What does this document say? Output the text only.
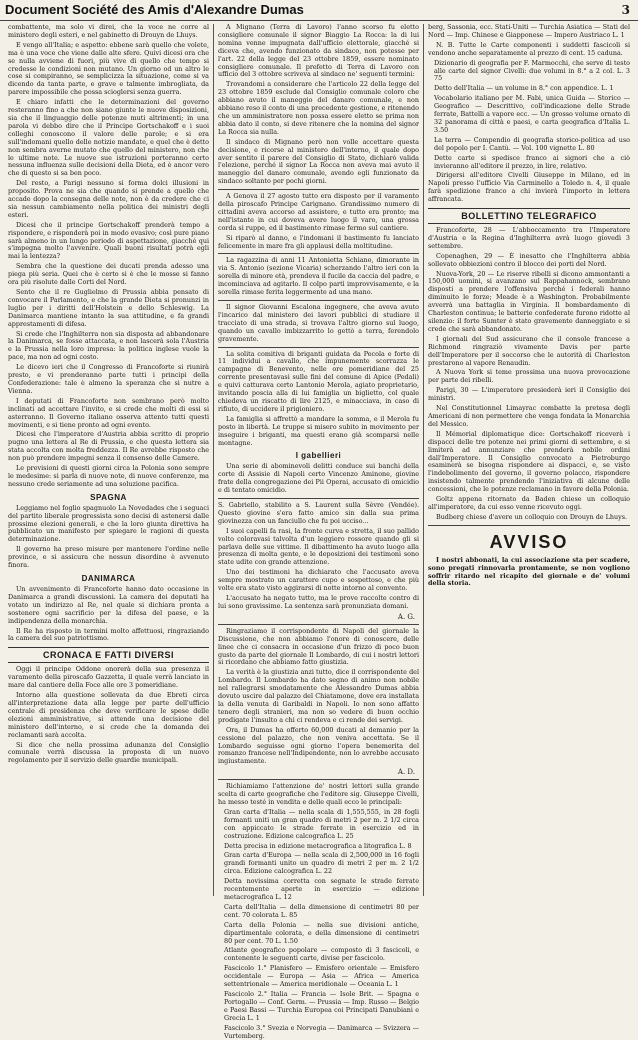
Document Société des Amis d'Alexandre Dumas	3

combattente, ma solo vi direi, che la voce ne corre al ministero degli esteri, e nel gabinetto di Drouyn de Lhuys.

E vengo all'Italia; e aspetto: ebbene sarà quello che volete, ma è una voce che viene dalle alte sfere. Quivi dicesi ora che se nulla avviene di fuori, più vive di quello che tempo si credesse le condizioni non mutano. Un giorno od un altro le cose si compiranno, se semplicizza la situazione, come si va dicendo da tanta parte, e grave e talmente imbrogliata, da parere impossibile che possa scioglersi senza guerra.

E chiaro infatti che le determinazioni del governo resteranno fino a che non siano giunte le nuove disposizioni, sia che il linguaggio delle potenze muti altrimenti; in una parola vi debbo dire che il Principe Gortschakoff e i suoi colleghi conoscono il valore delle parole; e si era sull'indomani quello delle notizie mandate, e quel che è detto non sembra averne mutato che quello del ministero, non che le ultime note. Le nuove sue istruzioni porteranno certo nessuna influenza sulle decisioni della Dieta, ed è ancor vero che di questo si sa ben poco.

Del resto, a Parigi nessuno si forma dolci illusioni in proposito. Prova ne sia che quando si prende a quello che accade dopo la consegna delle note, non è da credere che ci sia nessun cambiamento nella politica dei ministri degli esteri.

Dicesi che il principe Gortschakoff prenderà tempo a rispondere, e risponderà poi in modo evasivo; così pure piano sarà almeno in un lungo periodo di aspettazione, giacché qui s'impegna molto l'avvenire. Quali buoni risultati potrà egli mai la lentezza?

Sembra che la questione dei ducati prenda adesso una piega più seria. Quei che è certo si è che le mosse si fanno ora più risolute dalle Corti del Nord.

Sento che il re Guglielmo di Prussia abbia pensato di convocare il Parlamento, e che la grande Dieta si pronunzi in luglio per i diritti dell'Holstein e dello Schleswig. La Danimarca mantiene intanto la sua attitudine, e fa grandi apprestamenti di difesa.

Si crede che l'Inghilterra non sia disposta ad abbandonare la Danimarca, se fosse attaccata, e non lascerà sola l'Austria e la Prussia nella loro impresa: la politica inglese vuole la pace, ma non ad ogni costo.

Le dicevo ieri che il Congresso di Francoforte si riunirà presto, e vi prenderanno parte tutti i principi della Confederazione: tale è almeno la speranza che si nutre a Vienna.

I deputati di Francoforte non sembrano però molto inclinati ad accettare l'invito, e si crede che molti di essi si asterranno. Il Governo italiano osserva attento tutti questi movimenti, e si tiene pronto ad ogni evento.

Dicesi che l'imperatore d'Austria abbia scritto di proprio pugno una lettera al Re di Prussia, e che questa lettera sia stata accolta con molta freddezza. Il Re avrebbe risposto che non può prendere impegni senza il consenso delle Camere.

Le previsioni di questi giorni circa la Polonia sono sempre le medesime: si parla di nuove note, di nuove conferenze, ma nessuno crede seriamente ad una soluzione pacifica.

SPAGNA

Leggiamo nel foglio spagnuolo La Novedades che i seguaci del partito liberale progressista sono decisi di astenersi dalle prossime elezioni generali, e che la loro giunta direttiva ha pubblicato un manifesto per spiegare le ragioni di questa determinazione.

Il governo ha preso misure per mantenere l'ordine nelle province, e si assicura che nessun disordine è avvenuto finora.

DANIMARCA

Un avvenimento di Francoforte hanno dato occasione in Danimarca a grandi discussioni. La camera dei deputati ha votato un indirizzo al Re, nel quale si dichiara pronta a sostenere ogni sacrificio per la difesa del paese, e la indipendenza della monarchia.

Il Re ha risposto in termini molto affettuosi, ringraziando la camera del suo patriottismo.

CRONACA E FATTI DIVERSI

Oggi il principe Oddone onorerà della sua presenza il varamento della piroscafo Gazzetta, il quale verrà lanciato in mare dal cantiere della Foce alle ore 3 pomeridiane.

Intorno alla questione sollevata da due Ebreti circa all'interpretazione data alla legge per parte dell'ufficio centrale di presidenza che deve verificare le spese delle elezioni amministrative, si attende una decisione del ministero dell'interno, e si crede che la domanda dei reclamanti sarà accolta.

Si dice che nella prossima adunanza del Consiglio comunale verrà discussa la proposta di un nuovo regolamento per il servizio delle guardie municipali.

A Mignano (Terra di Lavoro) l'anno scorso fu eletto consigliere comunale il signor Biaggio La Rocca: la di lui nomina venne impugnata dall'ufficio elettorale, giacché si diceva che, avendo funzionato da sindaco, non potesse per l'art. 22 della legge del 23 ottobre 1859, essere nominato consigliere comunale. Il prefetto di Terra di Lavoro con ufficio del 3 ottobre scriveva al sindaco ne' seguenti termini:

Trovandomi a considerare che l'articolo 22 della legge del 23 ottobre 1859 esclude dal Consiglio comunale coloro che abbiano avuto il maneggio del danaro comunale, e non abbiano reso il conto di una precedente gestione, e ritenendo che un amministratore non possa essere eletto se prima non abbia dato il conto, si deve ritenere che la nomina del signor La Rocca sia nulla.

Il sindaco di Mignano però non volle accettare questa decisione, e ricorse al ministero dell'interno, il quale dopo aver sentito il parere del Consiglio di Stato, dichiarò valida l'elezione, perché il signor La Rocca non aveva mai avuto il maneggio del danaro comunale, avendo egli funzionato da sindaco soltanto per pochi giorni.

A Genova il 27 agosto tutto era disposto per il varamento della piroscafo Principe Carignano. Grandissimo numero di cittadini aveva accorso ad assistere, e tutto era pronto; ma nell'istante in cui doveva avere luogo il varo, una grossa corda si ruppe, ed il bastimento rimase fermo sul cantiere.

Si riparò al danno, e l'indomani il bastimento fu lanciato felicemente in mare fra gli applausi della moltitudine.

La ragazzina di anni 11 Antonietta Schiano, dimorante in via S. Antonio (sezione Vicaria) scherzando l'altro ieri con la sorella di minore età, prendeva il fucile da caccia del padre, e incominciava ad agitarlo. Il colpo partì improvvisamente, e la sorella rimase ferita leggermente ad una mano.

Il signor Giovanni Escalona ingegnere, che aveva avuto l'incarico dal ministero dei lavori pubblici di studiare il tracciato di una strada, si trovava l'altro giorno sul luogo, quando un cavallo imbizzarrito lo gettò a terra, ferendolo gravemente.

La solita comitiva di briganti guidata da Pecola e forte di 11 individui a cavallo, che impunemente scorrazza le campagne di Benevento, nelle ore pomeridiane del 25 corrente presentavasi sulle fini del comune di Apice (Pedali) e quivi catturava certo Lantonio Merola, agiato proprietario, invitando poscia alla di lui famiglia un biglietto, col quale chiedeva un riscatto di lire 2125, e minacciava, in caso di rifiuto, di uccidere il prigioniero.

La famiglia si affrettò a mandare la somma, e il Merola fu posto in libertà. Le truppe si misero subito in movimento per inseguire i briganti, ma questi erano già scomparsi nelle montagne.

I gabellieri

Una serie di abominevoli delitti conduce sui banchi della corte di Assisie di Napoli certo Vincenzo Aminone, giovine frate della congregazione dei Pii Operai, accusato di omicidio e di tentato omicidio.

S. Gabriello, stabilito a S. Laurent sulla Sèvre (Vendée). Questo giovine s'era fatto amico sin dalla sua prima giovinezza con un fanciullo che fu poi ucciso...

I suoi capelli fa rasi, la fronte curva e stretta, il suo pallido volto coloravasi talvolta d'un leggiero rossore quando gli si parlava delle sue vittime. Il dibattimento ha avuto luogo alla presenza di molta gente, e le deposizioni dei testimoni sono state udite con grande attenzione.

Uno dei testimoni ha dichiarato che l'accusato aveva sempre mostrato un carattere cupo e sospettoso, e che più volte era stato visto aggirarsi di notte intorno al convento.

L'accusato ha negato tutto, ma le prove raccolte contro di lui sono gravissime. La sentenza sarà pronunziata domani.

A. G.

Ringraziamo il corrispondente di Napoli del giornale la Discussione, che non abbiamo l'onore di conoscere, delle linee che ci consacra in occasione d'un frizzo di poco buon gusto da parte del giornale Il Lombardo, di cui i nostri lettori si ricordano che abbiamo fatto giustizia.

La verità è la giustizia anzi tutto, dice il corrispondente del Lombardo. Il Lombardo ha dato segno di animo non nobile nel rallegrarsi smodatamente che Alessandro Dumas abbia dovuto uscire dal palazzo del Chiatamone, dove era installata la della venuta di Garibaldi in Napoli. Io non sono affatto tenero degli stranieri, ma non so vedere di buon occhio prodigate l'insulto a chi ci rendeva e ci rende dei servigi.

Ora, il Dumas ha offerto 60,000 ducati al demanio per la cessione del palazzo, che non veniva accettata. Se il Lombardo seguisse ogni giorno l'opera benemerita del romanzo francese nell'Indipendente, non lo avrebbe accusato ingiustamente.

A. D.

Richiamiamo l'attenzione de' nostri lettori sulla grande scelta di carte geografiche che l'editore sig. Giuseppe Civelli, ha messo testé in vendita e delle quali ecco le principali:

Gran carta d'Italia — nella scala di 1,555,555, in 28 fogli formanti uniti un gran quadro di metri 2 per m. 2 1/2 circa con appiccato le strade ferrate in esercizio ed in costruzione. Edizione calcografica L. 25

Detta precisa in edizione metacrografica a litografica L. 8

Gran carta d'Europa — nella scala di 2,500,000 in 16 fogli grandi formanti unito un quadro di metri 2 per m. 2 1/2 circa. Edizione calcografica L. 22

Detta novissima corretta con segnate le strade ferrate recentemente aperte in esercizio — edizione metacrografica L. 12

Carta dell'Italia — della dimensione di centimetri 80 per cent. 70 colorata L. 85

Carta della Polonia — nella sue divisioni antiche, dipartimentale colorata, e della dimensione di centimetri 80 per cent. 70 L. 1.50

Atlante geografico popolare — composto di 3 fascicoli, e contenente le seguenti carte, divise per fascicolo.

Fascicolo 1.° Planisfero — Emisfero orientale — Emisfero occidentale — Europa — Asia — Africa — America settentrionale — America meridionale — Oceania L. 1

Fascicolo 2.° Italia — Francia — Isole Brit. — Spagna e Portogallo — Conf. Germ. — Prussia — Imp. Russo — Belgio e Paesi Bassi — Turchia Europea coi Principati Danubiani e Grecia L. 1

Fascicolo 3.° Svezia e Norvegia — Danimarca — Svizzera — Vurtemberg.

berg, Sassonia, ecc. Stati-Uniti — Turchia Asiatica — Stati del Nord — Imp. Chinese e Giapponese — Impero Austriaco L. 1

N. B. Tutte le Carte componenti i suddetti fascicoli si vendono anche separatamente al prezzo di cent. 15 caduna.

Dizionario di geografia per F. Marmocchi, che serve di testo alle carte del signor Civelli: due volumi in 8.° a 2 col. L. 3 75

Detto dell'Italia — un volume in 8.° con appendice. L. 1

Vocabolario italiano per M. Fabi, unica Guida — Storico — Geografico — Descrittivo, coll'indicazione delle Strade ferrate, Battelli a vapore ecc. — Un grosso volume ornato di 32 panorama di città e paesi, e carta geografica d'Italia L. 3.50

La terra — Compendio di geografia storico-politica ad uso del popolo per I. Cantù. — Vol. 100 vignette L. 80

Dette carte si spedisce franco ai signori che a ciò invieranno all'editore il prezzo, in lire, relativo.

Dirigersi all'editore Civelli Giuseppe in Milano, ed in Napoli presso l'ufficio Via Carminello a Toledo n. 4, il quale farà spedizione franco a chi invierà l'importo in lettera affrancata.

BOLLETTINO TELEGRAFICO

Francoforte, 28 — L'abboccamento tra l'Imperatore d'Austria e la Regina d'Inghilterra avrà luogo giovedì 3 settembre.

Copenaghen, 29 — È inesatto che l'Inghilterra abbia sollevato obbiezioni contro il blocco dei porti del Nord.

Nuova-York, 20 — Le riserve ribelli si dicono ammontanti a 150,000 uomini, si avanzano sul Rappahannock, sembrano disposti a prendere l'offensiva perché i federali hanno diminuito le forze; Meade è a Washington. Probabilmente avverrà una battaglia in Virginia. Il bombardamento di Charleston continua; le batterie confederate furono ridotte al silenzio: il forte Sumter è stato gravemente danneggiato e si crede che sarà abbandonato.

I giornali del Sud assicurano che il console francese a Richmond ringraziò vivamente Davis per parte dell'Imperatore per il soccorso che le autorità di Charleston prestarono al vapore Renaudin.

A Nuova York si teme prossima una nuova provocazione per parte dei ribelli.

Parigi, 30 — L'imperatore presiederà ieri il Consiglio dei ministri.

Nel Constitutionnel Limayrac combatte la pretesa degli Americani di non permettere che venga fondata la Monarchia del Messico.

Il Mémorial diplomatique dice: Gortschakoff riceverà i dispacci delle tre potenze nei primi giorni di settembre, e si limiterà ad annunziare che prenderà nobile ordini dall'Imperatore. Il Consiglio convocato a Pietroburgo esaminerà se bisogna rispondere ai dispacci, e, se visto l'indebolimento del governo, il governo polacco, rispondere insistendo talmente prendendo l'iniziativa di alcune delle concessioni, che le potenze reclamano in favore della Polonia.

Goltz appena ritornato da Baden chiese un colloquio all'imperatore, da cui esso venne ricevuto oggi.

Budberg chiese d'avere un colloquio con Drouyn de Lhuys.

AVVISO

I nostri abbonati, la cui associazione sta per scadere, sono pregati rinnovarla prontamente, se non vogliono soffrir ritardo nel ricapito del giornale e de' volumi della storia.
